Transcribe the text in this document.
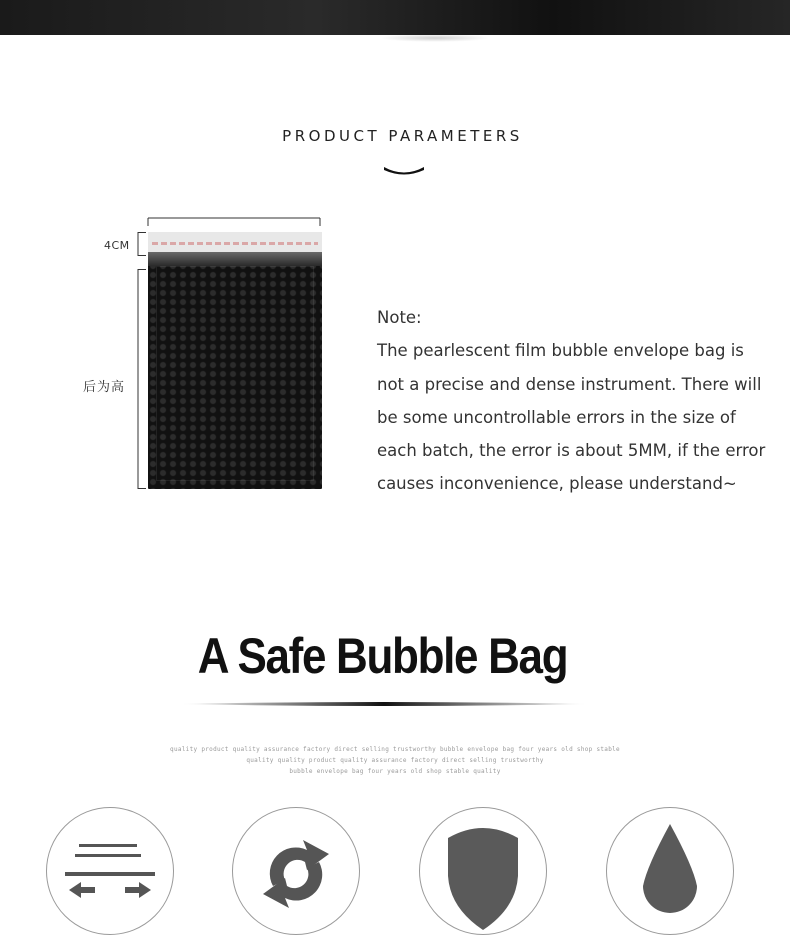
PRODUCT PARAMETERS
4CM
后为高
Note:
The pearlescent film bubble envelope bag is
not a precise and dense instrument. There will
be some uncontrollable errors in the size of
each batch, the error is about 5MM, if the error
causes inconvenience, please understand~
A Safe Bubble Bag
quality product quality assurance factory direct selling trustworthy bubble envelope bag four years old shop stable
quality quality product quality assurance factory direct selling trustworthy
bubble envelope bag four years old shop stable quality
